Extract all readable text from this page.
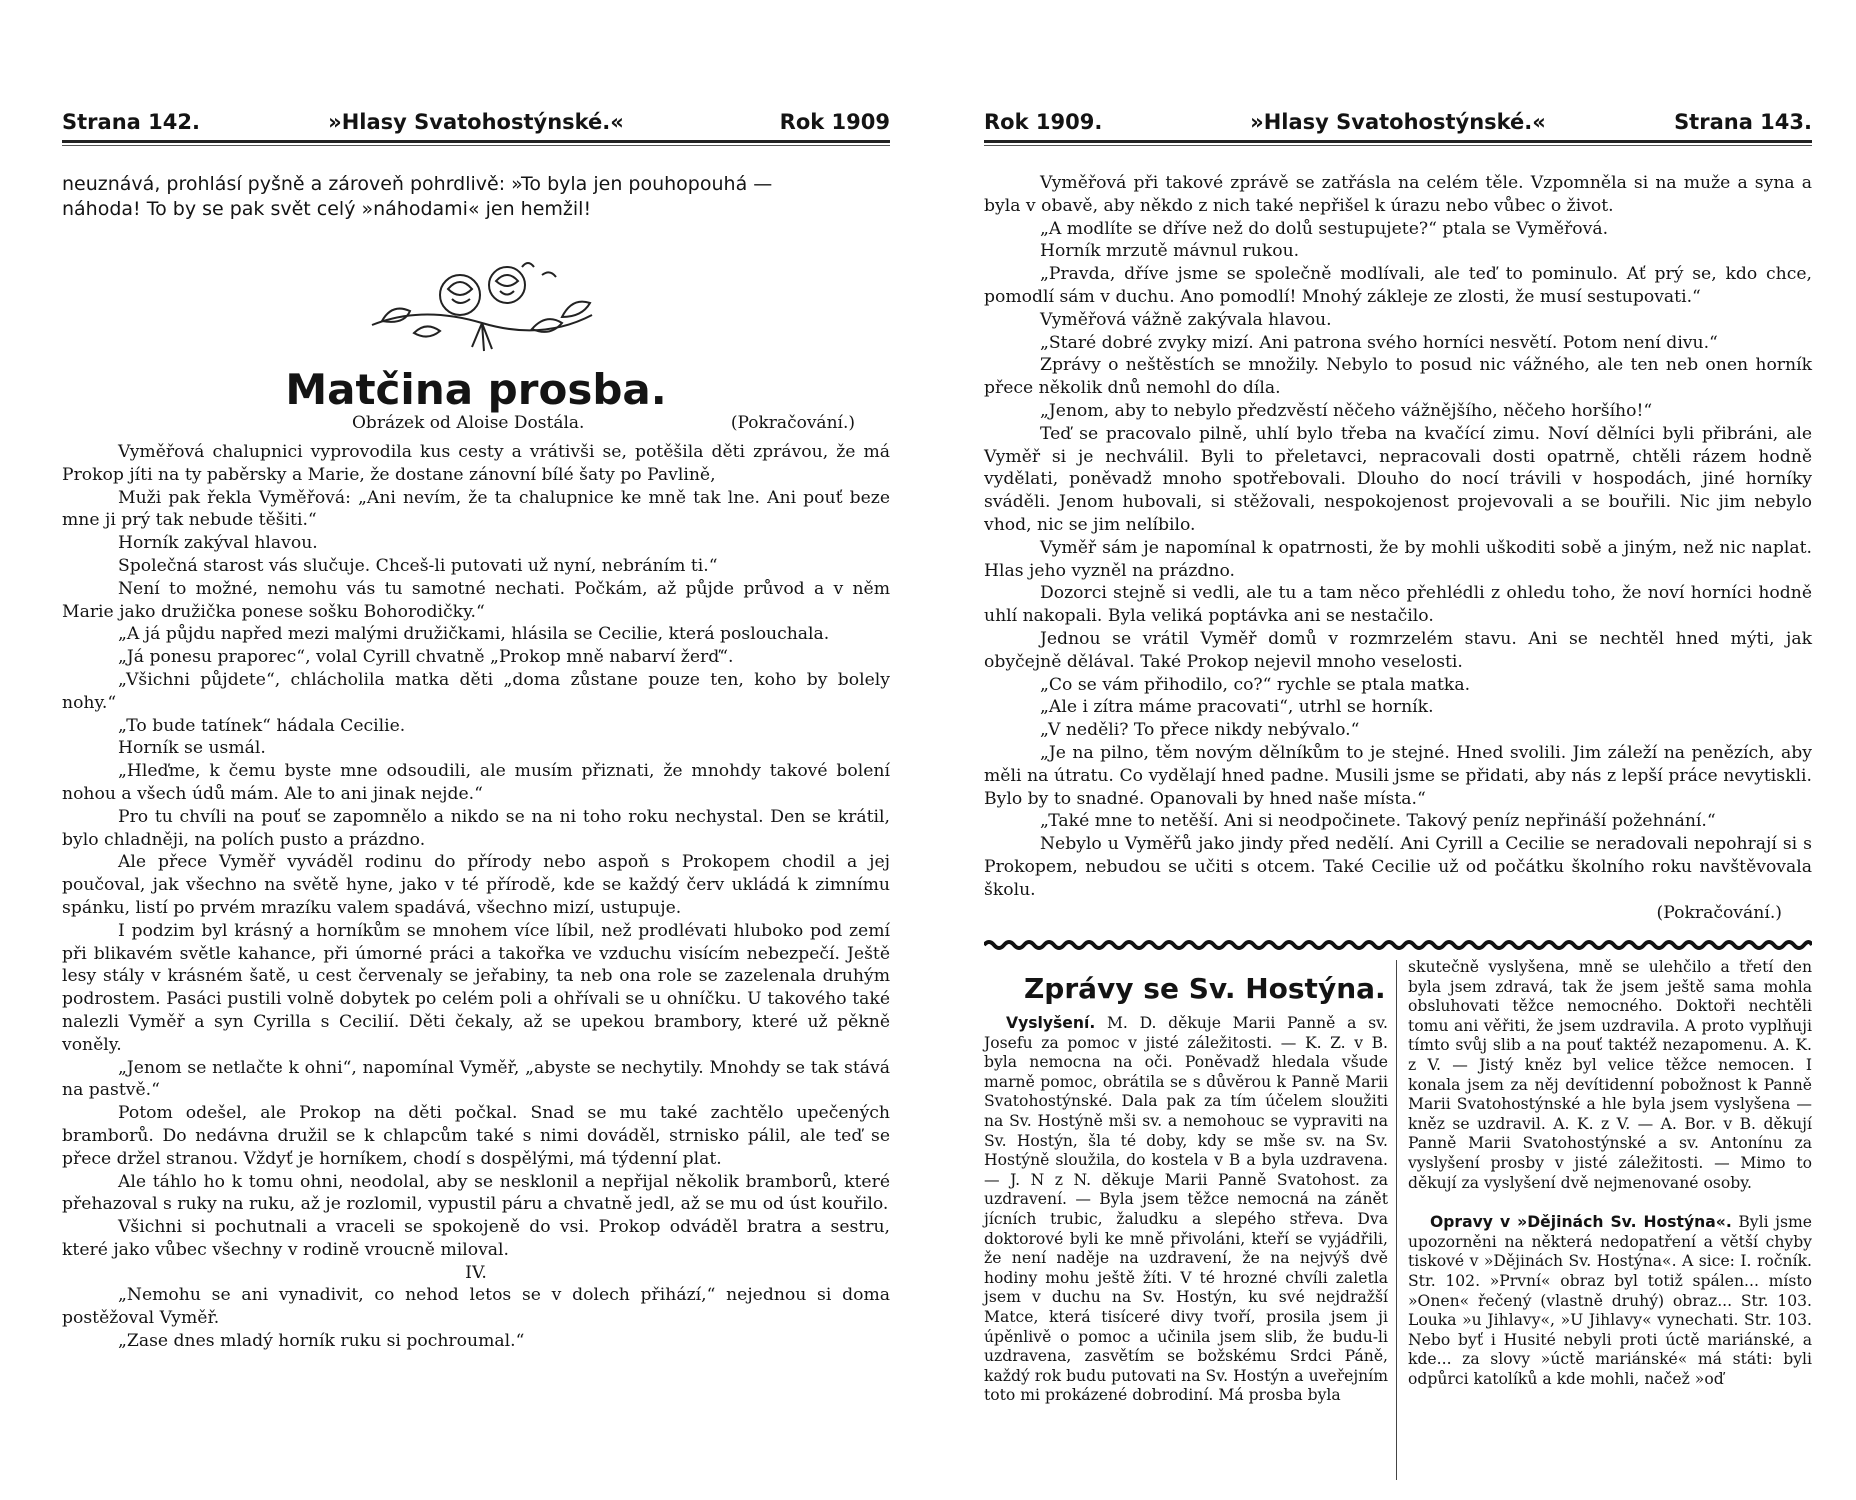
Strana 142.	»Hlasy Svatohostýnské.«	Rok 1909

neuznává, prohlásí pyšně a zároveň pohrdlivě: »To byla jen pouhopouhá —

náhoda! To by se pak svět celý »náhodami« jen hemžil!

Matčina prosba.
Obrázek od Aloise Dostála.	(Pokračování.)

Vyměřová chalupnici vyprovodila kus cesty a vrátivši se, potěšila děti zprávou, že má Prokop jíti na ty paběrsky a Marie, že dostane zánovní bílé šaty po Pavlině,

Muži pak řekla Vyměřová: „Ani nevím, že ta chalupnice ke mně tak lne. Ani pouť beze mne ji prý tak nebude těšiti.“

Horník zakýval hlavou.

Společná starost vás slučuje. Chceš-li putovati už nyní, nebráním ti.“

Není to možné, nemohu vás tu samotné nechati. Počkám, až půjde průvod a v něm Marie jako družička ponese sošku Bohorodičky.“

„A já půjdu napřed mezi malými družičkami, hlásila se Cecilie, která poslouchala.

„Já ponesu praporec“, volal Cyrill chvatně „Prokop mně nabarví žerď“.

„Všichni půjdete“, chlácholila matka děti „doma zůstane pouze ten, koho by bolely nohy.“

„To bude tatínek“ hádala Cecilie.

Horník se usmál.

„Hleďme, k čemu byste mne odsoudili, ale musím přiznati, že mnohdy takové bolení nohou a všech údů mám. Ale to ani jinak nejde.“

Pro tu chvíli na pouť se zapomnělo a nikdo se na ni toho roku nechystal. Den se krátil, bylo chladněji, na polích pusto a prázdno.

Ale přece Vyměř vyváděl rodinu do přírody nebo aspoň s Prokopem chodil a jej poučoval, jak všechno na světě hyne, jako v té přírodě, kde se každý červ ukládá k zimnímu spánku, listí po prvém mrazíku valem spadává, všechno mizí, ustupuje.

I podzim byl krásný a horníkům se mnohem více líbil, než prodlévati hluboko pod zemí při blikavém světle kahance, při úmorné práci a takořka ve vzduchu visícím nebezpečí. Ještě lesy stály v krásném šatě, u cest červenaly se jeřabiny, ta neb ona role se zazelenala druhým podrostem. Pasáci pustili volně dobytek po celém poli a ohřívali se u ohníčku. U takového také nalezli Vyměř a syn Cyrilla s Cecilií. Děti čekaly, až se upekou brambory, které už pěkně voněly.

„Jenom se netlačte k ohni“, napomínal Vyměř, „abyste se nechytily. Mnohdy se tak stává na pastvě.“

Potom odešel, ale Prokop na děti počkal. Snad se mu také zachtělo upečených bramborů. Do nedávna družil se k chlapcům také s nimi dováděl, strnisko pálil, ale teď se přece držel stranou. Vždyť je horníkem, chodí s dospělými, má týdenní plat.

Ale táhlo ho k tomu ohni, neodolal, aby se nesklonil a nepřijal několik bramborů, které přehazoval s ruky na ruku, až je rozlomil, vypustil páru a chvatně jedl, až se mu od úst kouřilo.

Všichni si pochutnali a vraceli se spokojeně do vsi. Prokop odváděl bratra a sestru, které jako vůbec všechny v rodině vroucně miloval.

IV.

„Nemohu se ani vynadivit, co nehod letos se v dolech přihází,“ nejednou si doma postěžoval Vyměř.

„Zase dnes mladý horník ruku si pochroumal.“

Rok 1909.	»Hlasy Svatohostýnské.«	Strana 143.

Vyměřová při takové zprávě se zatřásla na celém těle. Vzpomněla si na muže a syna a byla v obavě, aby někdo z nich také nepřišel k úrazu nebo vůbec o život.

„A modlíte se dříve než do dolů sestupujete?“ ptala se Vyměřová.

Horník mrzutě mávnul rukou.

„Pravda, dříve jsme se společně modlívali, ale teď to pominulo. Ať prý se, kdo chce, pomodlí sám v duchu. Ano pomodlí! Mnohý zákleje ze zlosti, že musí sestupovati.“

Vyměřová vážně zakývala hlavou.

„Staré dobré zvyky mizí. Ani patrona svého horníci nesvětí. Potom není divu.“

Zprávy o neštěstích se množily. Nebylo to posud nic vážného, ale ten neb onen horník přece několik dnů nemohl do díla.

„Jenom, aby to nebylo předzvěstí něčeho vážnějšího, něčeho horšího!“

Teď se pracovalo pilně, uhlí bylo třeba na kvačící zimu. Noví dělníci byli přibráni, ale Vyměř si je nechválil. Byli to přeletavci, nepracovali dosti opatrně, chtěli rázem hodně vydělati, poněvadž mnoho spotřebovali. Dlouho do nocí trávili v hospodách, jiné horníky sváděli. Jenom hubovali, si stěžovali, nespokojenost projevovali a se bouřili. Nic jim nebylo vhod, nic se jim nelíbilo.

Vyměř sám je napomínal k opatrnosti, že by mohli uškoditi sobě a jiným, než nic naplat. Hlas jeho vyzněl na prázdno.

Dozorci stejně si vedli, ale tu a tam něco přehlédli z ohledu toho, že noví horníci hodně uhlí nakopali. Byla veliká poptávka ani se nestačilo.

Jednou se vrátil Vyměř domů v rozmrzelém stavu. Ani se nechtěl hned mýti, jak obyčejně dělával. Také Prokop nejevil mnoho veselosti.

„Co se vám přihodilo, co?“ rychle se ptala matka.

„Ale i zítra máme pracovati“, utrhl se horník.

„V neděli? To přece nikdy nebývalo.“

„Je na pilno, těm novým dělníkům to je stejné. Hned svolili. Jim záleží na penězích, aby měli na útratu. Co vydělají hned padne. Musili jsme se přidati, aby nás z lepší práce nevytiskli. Bylo by to snadné. Opanovali by hned naše místa.“

„Také mne to netěší. Ani si neodpočinete. Takový peníz nepřináší požehnání.“

Nebylo u Vyměřů jako jindy před nedělí. Ani Cyrill a Cecilie se neradovali nepohrají si s Prokopem, nebudou se učiti s otcem. Také Cecilie už od počátku školního roku navštěvovala školu.

(Pokračování.)

Zprávy se Sv. Hostýna.

Vyslyšení. M. D. děkuje Marii Panně a sv. Josefu za pomoc v jisté záležitosti. — K. Z. v B. byla nemocna na oči. Poněvadž hledala všude marně pomoc, obrátila se s důvěrou k Panně Marii Svatohostýnské. Dala pak za tím účelem sloužiti na Sv. Hostýně mši sv. a nemohouc se vypraviti na Sv. Hostýn, šla té doby, kdy se mše sv. na Sv. Hostýně sloužila, do kostela v B a byla uzdravena. — J. N z N. děkuje Marii Panně Svatohost. za uzdravení. — Byla jsem těžce nemocná na zánět jícních trubic, žaludku a slepého střeva. Dva doktorové byli ke mně přivoláni, kteří se vyjádřili, že není naděje na uzdravení, že na nejvýš dvě hodiny mohu ještě žíti. V té hrozné chvíli zaletla jsem v duchu na Sv. Hostýn, ku své nejdražší Matce, která tisíceré divy tvoří, prosila jsem ji úpěnlivě o pomoc a učinila jsem slib, že budu-li uzdravena, zasvětím se božskému Srdci Páně, každý rok budu putovati na Sv. Hostýn a uveřejním toto mi prokázené dobrodiní. Má prosba byla

skutečně vyslyšena, mně se ulehčilo a třetí den byla jsem zdravá, tak že jsem ještě sama mohla obsluhovati těžce nemocného. Doktoři nechtěli tomu ani věřiti, že jsem uzdravila. A proto vyplňuji tímto svůj slib a na pouť taktéž nezapomenu. A. K. z V. — Jistý kněz byl velice těžce nemocen. I konala jsem za něj devítidenní pobožnost k Panně Marii Svatohostýnské a hle byla jsem vyslyšena — kněz se uzdravil. A. K. z V. — A. Bor. v B. děkují Panně Marii Svatohostýnské a sv. Antonínu za vyslyšení prosby v jisté záležitosti. — Mimo to děkují za vyslyšení dvě nejmenované osoby.

Opravy v »Dějinách Sv. Hostýna«. Byli jsme upozorněni na některá nedopatření a větší chyby tiskové v »Dějinách Sv. Hostýna«. A sice: I. ročník. Str. 102. »První« obraz byl totiž spálen... místo »Onen« řečený (vlastně druhý) obraz... Str. 103. Louka »u Jihlavy«, »U Jihlavy« vynechati. Str. 103. Nebo byť i Husité nebyli proti úctě mariánské, a kde... za slovy »úctě mariánské« má státi: byli odpůrci katolíků a kde mohli, načež »oď
